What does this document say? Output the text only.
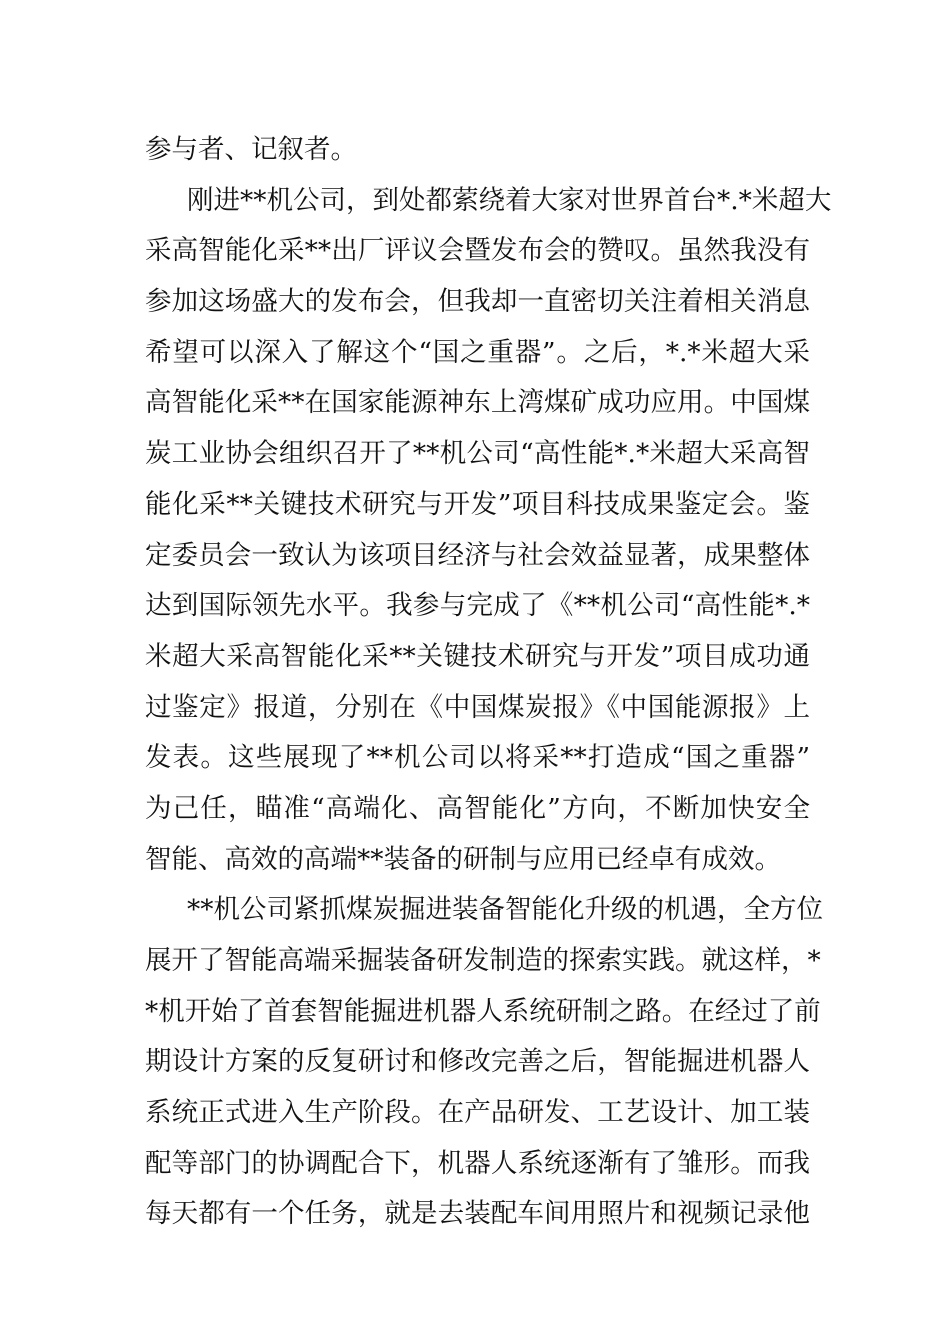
参与者、记叙者。
刚进**机公司，到处都萦绕着大家对世界首台*.*米超大
采高智能化采**出厂评议会暨发布会的赞叹。虽然我没有
参加这场盛大的发布会，但我却一直密切关注着相关消息
希望可以深入了解这个“国之重器”。之后，*.*米超大采
高智能化采**在国家能源神东上湾煤矿成功应用。中国煤
炭工业协会组织召开了**机公司“高性能*.*米超大采高智
能化采**关键技术研究与开发”项目科技成果鉴定会。鉴
定委员会一致认为该项目经济与社会效益显著，成果整体
达到国际领先水平。我参与完成了《**机公司“高性能*.*
米超大采高智能化采**关键技术研究与开发”项目成功通
过鉴定》报道，分别在《中国煤炭报》《中国能源报》上
发表。这些展现了**机公司以将采**打造成“国之重器”
为己任，瞄准“高端化、高智能化”方向，不断加快安全
智能、高效的高端**装备的研制与应用已经卓有成效。
**机公司紧抓煤炭掘进装备智能化升级的机遇，全方位
展开了智能高端采掘装备研发制造的探索实践。就这样，*
*机开始了首套智能掘进机器人系统研制之路。在经过了前
期设计方案的反复研讨和修改完善之后，智能掘进机器人
系统正式进入生产阶段。在产品研发、工艺设计、加工装
配等部门的协调配合下，机器人系统逐渐有了雏形。而我
每天都有一个任务，就是去装配车间用照片和视频记录他
